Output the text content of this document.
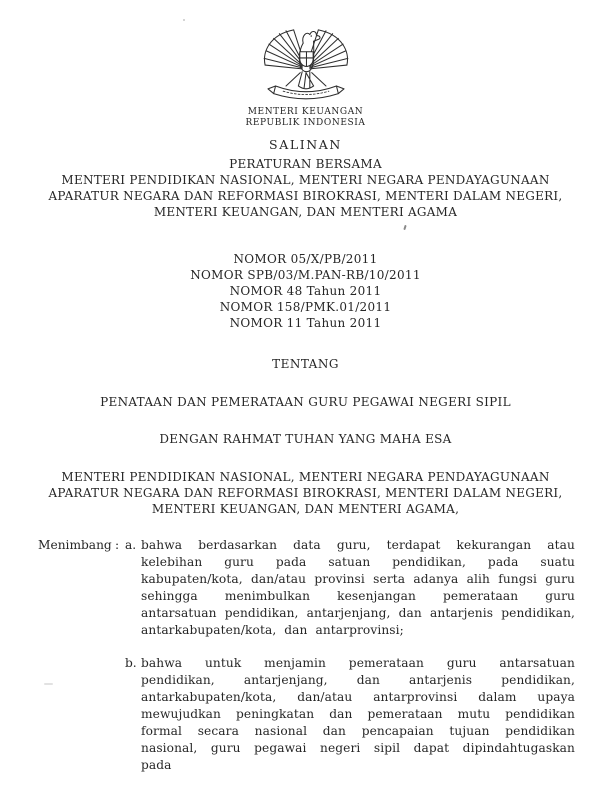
MENTERI KEUANGAN
REPUBLIK INDONESIA
SALINAN
PERATURAN BERSAMA
MENTERI PENDIDIKAN NASIONAL, MENTERI NEGARA PENDAYAGUNAAN
APARATUR NEGARA DAN REFORMASI BIROKRASI, MENTERI DALAM NEGERI,
MENTERI KEUANGAN, DAN MENTERI AGAMA
NOMOR 05/X/PB/2011
NOMOR SPB/03/M.PAN-RB/10/2011
NOMOR 48 Tahun 2011
NOMOR 158/PMK.01/2011
NOMOR 11 Tahun 2011
TENTANG
PENATAAN DAN PEMERATAAN GURU PEGAWAI NEGERI SIPIL
DENGAN RAHMAT TUHAN YANG MAHA ESA
MENTERI PENDIDIKAN NASIONAL, MENTERI NEGARA PENDAYAGUNAAN
APARATUR NEGARA DAN REFORMASI BIROKRASI, MENTERI DALAM NEGERI,
MENTERI KEUANGAN, DAN MENTERI AGAMA,
Menimbang : a. bahwa berdasarkan data guru, terdapat kekurangan atau kelebihan guru pada satuan pendidikan, pada suatu kabupaten/kota, dan/atau provinsi serta adanya alih fungsi guru sehingga menimbulkan kesenjangan pemerataan guru antarsatuan pendidikan, antarjenjang, dan antarjenis pendidikan, antarkabupaten/kota, dan antarprovinsi;

b. bahwa untuk menjamin pemerataan guru antarsatuan pendidikan, antarjenjang, dan antarjenis pendidikan, antarkabupaten/kota, dan/atau antarprovinsi dalam upaya mewujudkan peningkatan dan pemerataan mutu pendidikan formal secara nasional dan pencapaian tujuan pendidikan nasional, guru pegawai negeri sipil dapat dipindahtugaskan pada
